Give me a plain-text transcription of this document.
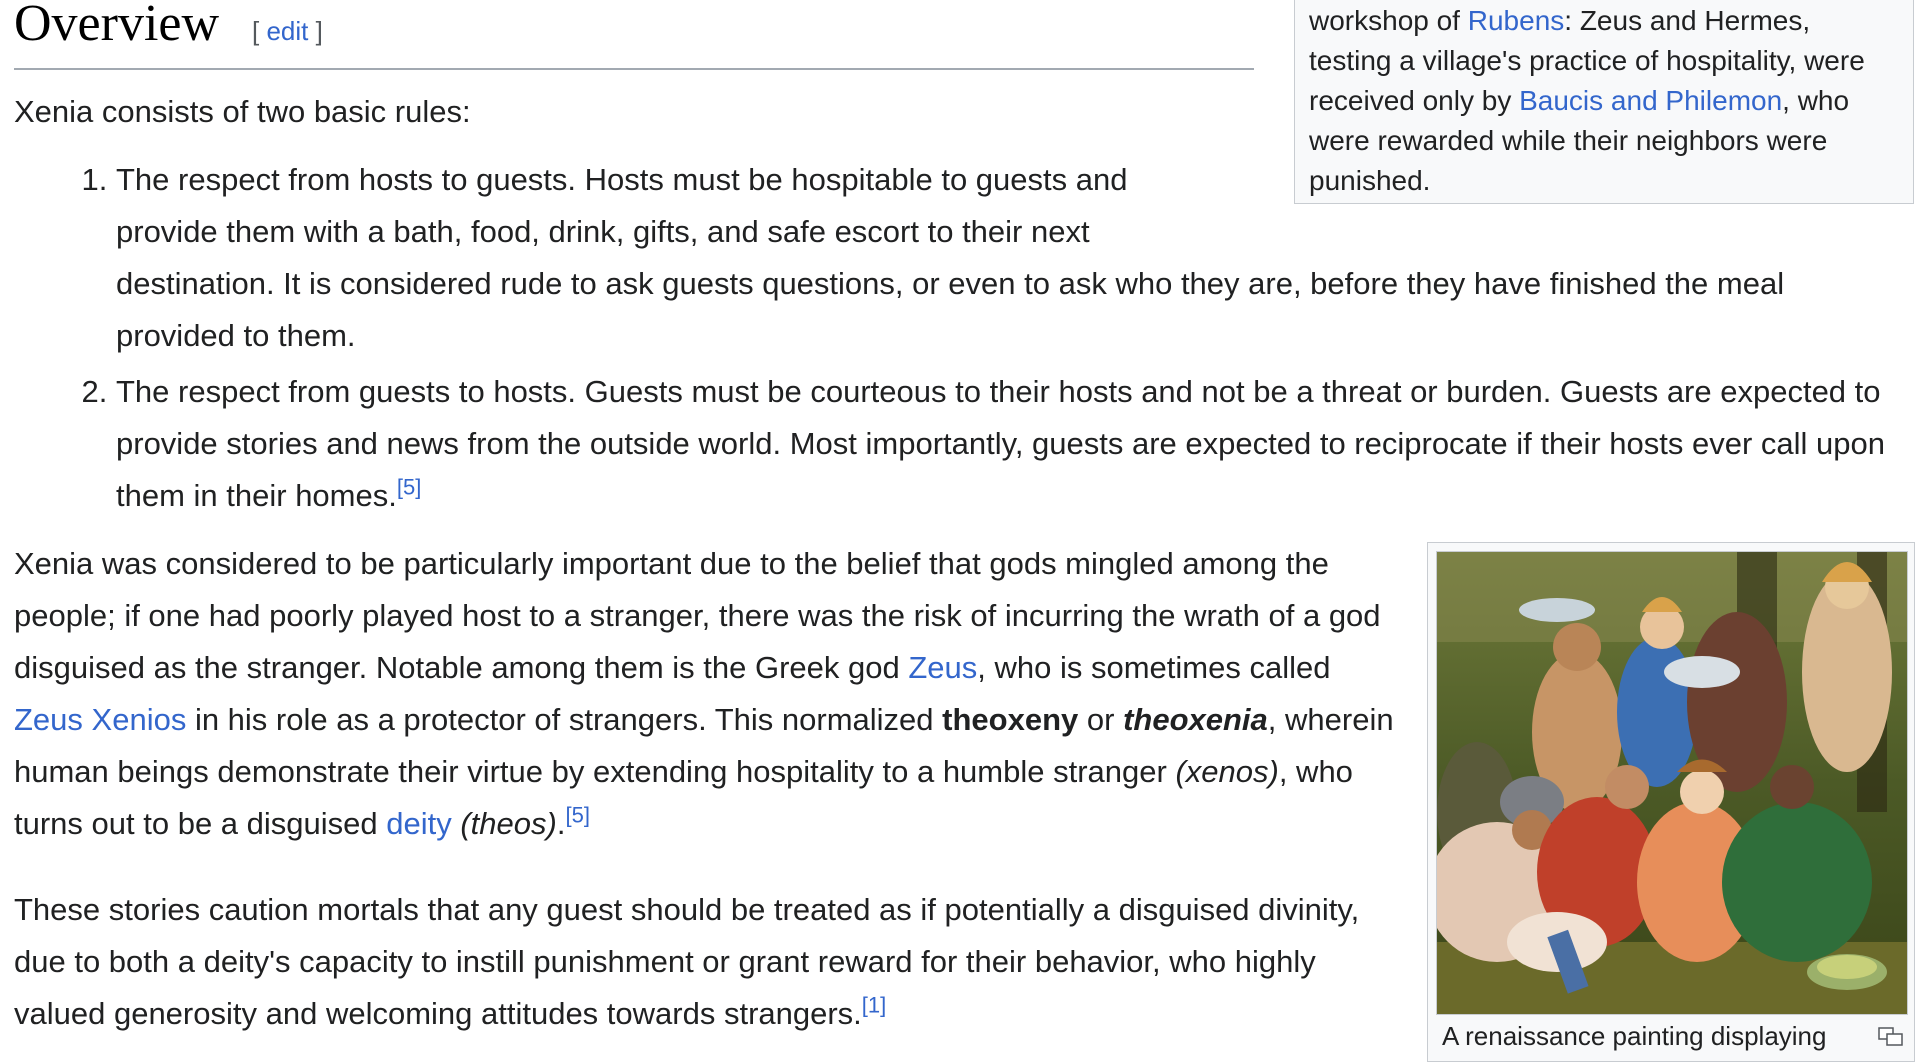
workshop of Rubens: Zeus and Hermes, testing a village's practice of hospitality, were received only by Baucis and Philemon, who were rewarded while their neighbors were punished.
Overview [ edit ]
Xenia consists of two basic rules:
1. The respect from hosts to guests. Hosts must be hospitable to guests and
provide them with a bath, food, drink, gifts, and safe escort to their next
destination. It is considered rude to ask guests questions, or even to ask who they are, before they have finished the meal provided to them.
2. The respect from guests to hosts. Guests must be courteous to their hosts and not be a threat or burden. Guests are expected to provide stories and news from the outside world. Most importantly, guests are expected to reciprocate if their hosts ever call upon them in their homes.[5]
Xenia was considered to be particularly important due to the belief that gods mingled among the people; if one had poorly played host to a stranger, there was the risk of incurring the wrath of a god disguised as the stranger. Notable among them is the Greek god Zeus, who is sometimes called Zeus Xenios in his role as a protector of strangers. This normalized theoxeny or theoxenia, wherein human beings demonstrate their virtue by extending hospitality to a humble stranger (xenos), who turns out to be a disguised deity (theos).[5]
These stories caution mortals that any guest should be treated as if potentially a disguised divinity, due to both a deity's capacity to instill punishment or grant reward for their behavior, who highly valued generosity and welcoming attitudes towards strangers.[1]
A renaissance painting displaying
